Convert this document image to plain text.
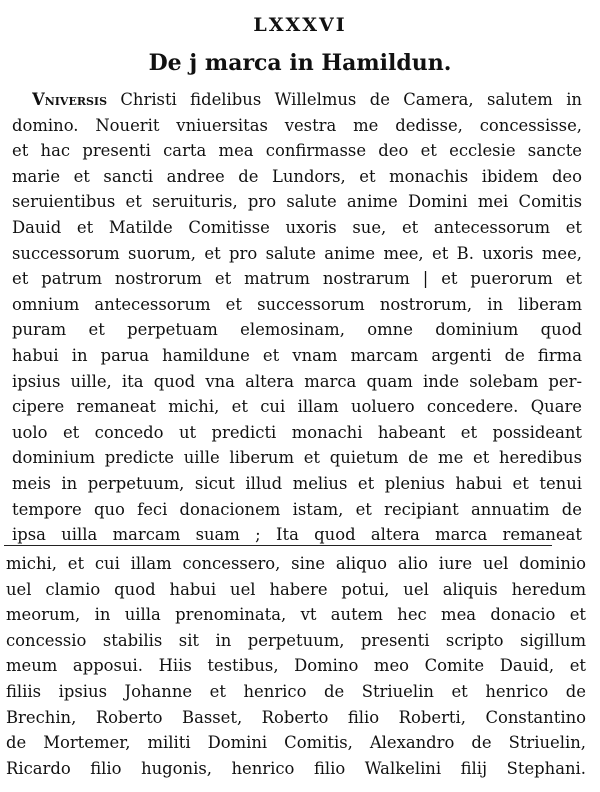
LXXXVI
De j marca in Hamildun.
Vniversis Christi fidelibus Willelmus de Camera, salutem in
domino. Nouerit vniuersitas vestra me dedisse, concessisse,
et hac presenti carta mea confirmasse deo et ecclesie sancte
marie et sancti andree de Lundors, et monachis ibidem deo
seruientibus et seruituris, pro salute anime Domini mei Comitis
Dauid et Matilde Comitisse uxoris sue, et antecessorum et
successorum suorum, et pro salute anime mee, et B. uxoris mee,
et patrum nostrorum et matrum nostrarum | et puerorum et
omnium antecessorum et successorum nostrorum, in liberam
puram et perpetuam elemosinam, omne dominium quod
habui in parua hamildune et vnam marcam argenti de firma
ipsius uille, ita quod vna altera marca quam inde solebam per-
cipere remaneat michi, et cui illam uoluero concedere. Quare
uolo et concedo ut predicti monachi habeant et possideant
dominium predicte uille liberum et quietum de me et heredibus
meis in perpetuum, sicut illud melius et plenius habui et tenui
tempore quo feci donacionem istam, et recipiant annuatim de
ipsa uilla marcam suam ; Ita quod altera marca remaneat
michi, et cui illam concessero, sine aliquo alio iure uel dominio
uel clamio quod habui uel habere potui, uel aliquis heredum
meorum, in uilla prenominata, vt autem hec mea donacio et
concessio stabilis sit in perpetuum, presenti scripto sigillum
meum apposui. Hiis testibus, Domino meo Comite Dauid, et
filiis ipsius Johanne et henrico de Striuelin et henrico de
Brechin, Roberto Basset, Roberto filio Roberti, Constantino
de Mortemer, militi Domini Comitis, Alexandro de Striuelin,
Ricardo filio hugonis, henrico filio Walkelini filij Stephani.
